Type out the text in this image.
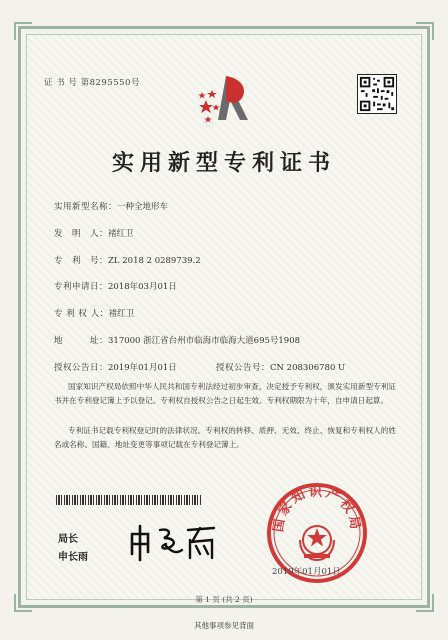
证 书 号 第8295550号
实用新型专利证书
实用新型名称：一种全地形车
发　明　人：褚红卫
专　利　号：ZL 2018 2 0289739.2
专利申请日：2018年03月01日
专 利 权 人：褚红卫
地　　　址：317000 浙江省台州市临海市临海大道695号1908
授权公告日：2019年01月01日	授权公告号：CN 208306780 U
国家知识产权局依照中华人民共和国专利法经过初步审查，决定授予专利权，颁发实用新型专利证书并在专利登记簿上予以登记。专利权自授权公告之日起生效。专利权期限为十年，自申请日起算。
专利证书记载专利权登记时的法律状况。专利权的转移、质押、无效、终止、恢复和专利权人的姓名或名称、国籍、地址变更等事项记载在专利登记簿上。
局长
申长雨
国家知识产权局
2019年01月01日
第 1 页 (共 2 页)
其他事项参见背面
